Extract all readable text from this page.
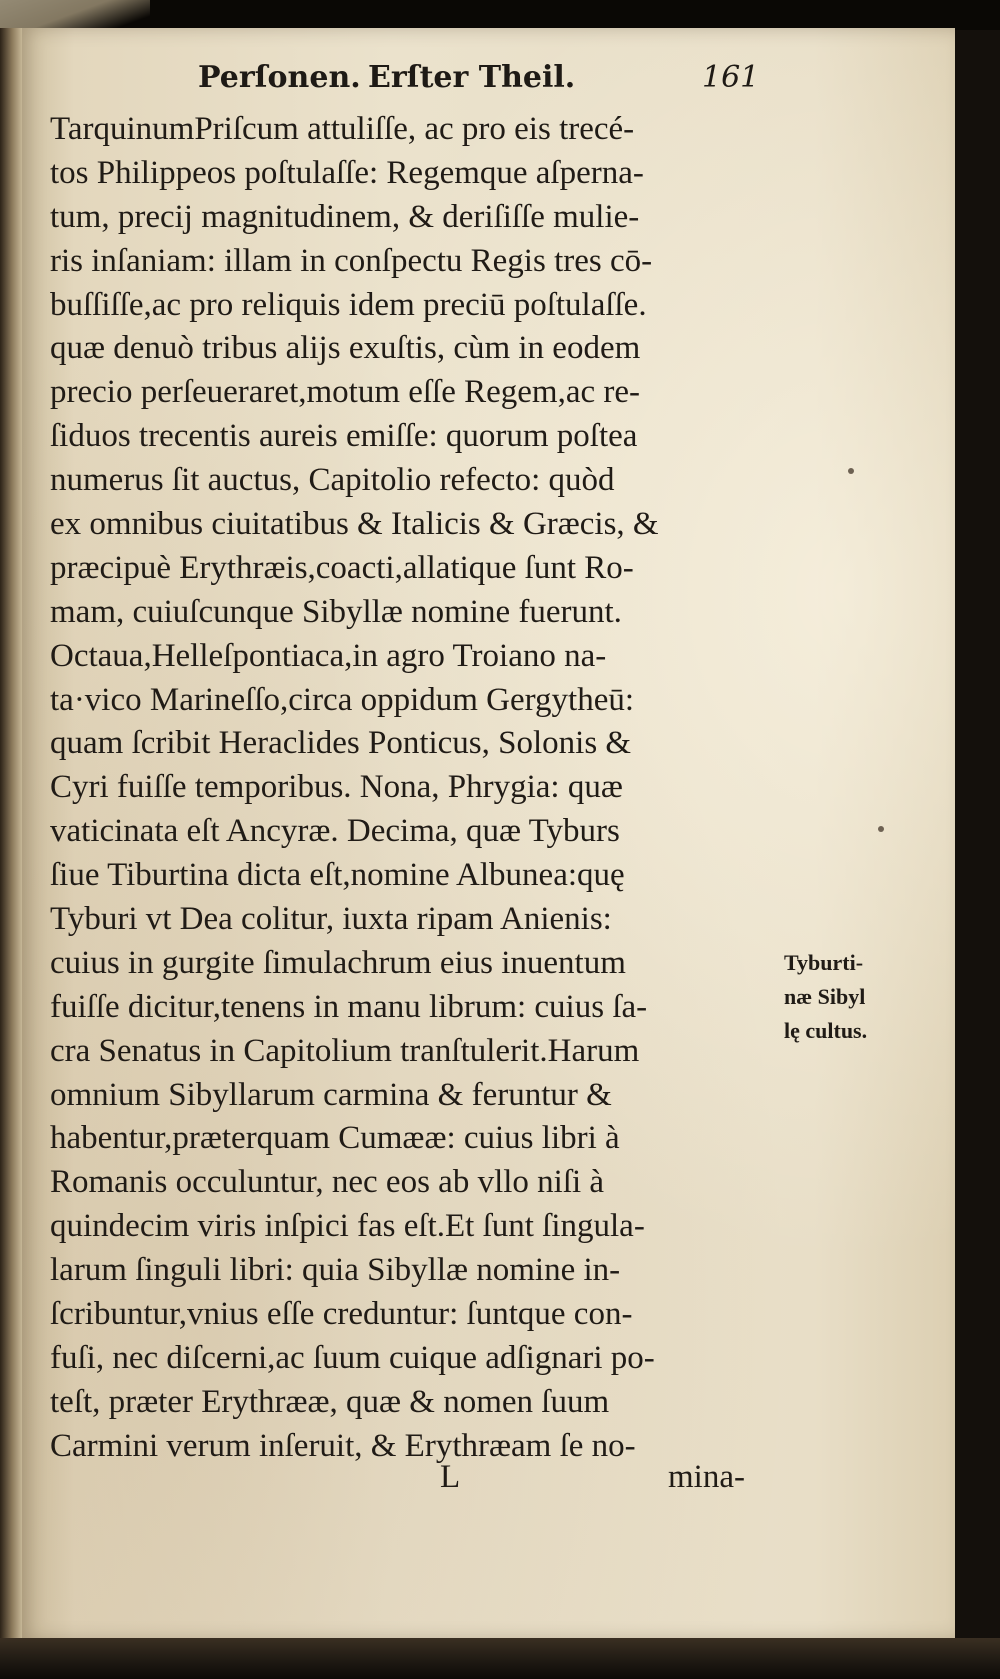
Perſonen. Erſter Theil.	161
TarquinumPriſcum attuliſſe, ac pro eis trecé-
tos Philippeos poſtulaſſe: Regemque aſperna-
tum, precij magnitudinem, & deriſiſſe mulie-
ris inſaniam: illam in conſpectu Regis tres cō-
buſſiſſe,ac pro reliquis idem preciū poſtulaſſe.
quæ denuò tribus alijs exuſtis, cùm in eodem
precio perſeueraret,motum eſſe Regem,ac re-
ſiduos trecentis aureis emiſſe: quorum poſtea
numerus ſit auctus, Capitolio refecto: quòd
ex omnibus ciuitatibus & Italicis & Græcis, &
præcipuè Erythræis,coacti,allatique ſunt Ro-
mam, cuiuſcunque Sibyllæ nomine fuerunt.
Octaua,Helleſpontiaca,in agro Troiano na-
ta·vico Marineſſo,circa oppidum Gergytheū:
quam ſcribit Heraclides Ponticus, Solonis &
Cyri fuiſſe temporibus. Nona, Phrygia: quæ
vaticinata eſt Ancyræ. Decima, quæ Tyburs
ſiue Tiburtina dicta eſt,nomine Albunea:quę
Tyburi vt Dea colitur, iuxta ripam Anienis:
cuius in gurgite ſimulachrum eius inuentum
fuiſſe dicitur,tenens in manu librum: cuius ſa-
cra Senatus in Capitolium tranſtulerit.Harum
omnium Sibyllarum carmina & feruntur &
habentur,præterquam Cumææ: cuius libri à
Romanis occuluntur, nec eos ab vllo niſi à
quindecim viris inſpici fas eſt.Et ſunt ſingula-
larum ſinguli libri: quia Sibyllæ nomine in-
ſcribuntur,vnius eſſe creduntur: ſuntque con-
fuſi, nec diſcerni,ac ſuum cuique adſignari po-
teſt, præter Erythrææ, quæ & nomen ſuum
Carmini verum inſeruit, & Erythræam ſe no-
Tyburti-
næ Sibyl
lę cultus.
L	mina-
